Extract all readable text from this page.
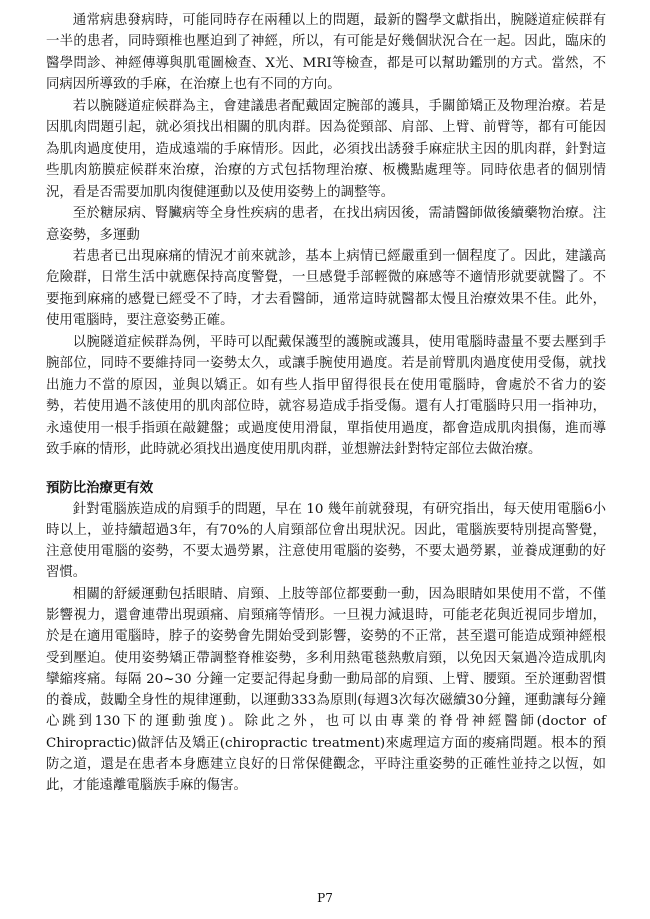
通常病患發病時，可能同時存在兩種以上的問題，最新的醫學文獻指出，腕隧道症候群有一半的患者，同時頸椎也壓迫到了神經，所以，有可能是好幾個狀況合在一起。因此，臨床的醫學問診、神經傳導與肌電圖檢查、X光、MRI等檢查，都是可以幫助鑑別的方式。當然，不同病因所導致的手麻，在治療上也有不同的方向。

若以腕隧道症候群為主，會建議患者配戴固定腕部的護具，手關節矯正及物理治療。若是因肌肉問題引起，就必須找出相關的肌肉群。因為從頸部、肩部、上臂、前臂等，都有可能因為肌肉過度使用，造成遠端的手麻情形。因此，必須找出誘發手麻症狀主因的肌肉群，針對這些肌肉筋膜症候群來治療，治療的方式包括物理治療、板機點處理等。同時依患者的個別情況，看是否需要加肌肉復健運動以及使用姿勢上的調整等。

至於糖尿病、腎臟病等全身性疾病的患者，在找出病因後，需請醫師做後續藥物治療。注意姿勢，多運動

若患者已出現麻痛的情況才前來就診，基本上病情已經嚴重到一個程度了。因此，建議高危險群，日常生活中就應保持高度警覺，一旦感覺手部輕微的麻感等不適情形就要就醫了。不要拖到麻痛的感覺已經受不了時，才去看醫師，通常這時就醫都太慢且治療效果不佳。此外，使用電腦時，要注意姿勢正確。

以腕隧道症候群為例，平時可以配戴保護型的護腕或護具，使用電腦時盡量不要去壓到手腕部位，同時不要維持同一姿勢太久，或讓手腕使用過度。若是前臂肌肉過度使用受傷，就找出施力不當的原因，並與以矯正。如有些人指甲留得很長在使用電腦時，會處於不省力的姿勢，若使用過不該使用的肌肉部位時，就容易造成手指受傷。還有人打電腦時只用一指神功，永遠使用一根手指頭在敲鍵盤；或過度使用滑鼠，單指使用過度，都會造成肌肉損傷，進而導致手麻的情形，此時就必須找出過度使用肌肉群，並想辦法針對特定部位去做治療。

預防比治療更有效

針對電腦族造成的肩頸手的問題，早在 10 幾年前就發現，有研究指出，每天使用電腦6小時以上，並持續超過3年，有70%的人肩頸部位會出現狀況。因此，電腦族要特別提高警覺，注意使用電腦的姿勢，不要太過勞累，注意使用電腦的姿勢，不要太過勞累，並養成運動的好習慣。

相關的舒緩運動包括眼睛、肩頸、上肢等部位都要動一動，因為眼睛如果使用不當，不僅影響視力，還會連帶出現頭痛、肩頸痛等情形。一旦視力減退時，可能老花與近視同步增加，於是在適用電腦時，脖子的姿勢會先開始受到影響，姿勢的不正常，甚至還可能造成頸神經根受到壓迫。使用姿勢矯正帶調整脊椎姿勢，多利用熱電毯熱敷肩頸，以免因天氣過冷造成肌肉攣縮疼痛。每隔 20~30 分鐘一定要記得起身動一動局部的肩頸、上臂、腰頸。至於運動習慣的養成，鼓勵全身性的規律運動，以運動333為原則(每週3次每次磁續30分鐘，運動讓每分鐘心跳到130下的運動強度)。除此之外，也可以由專業的脊骨神經醫師(doctor of Chiropractic)做評估及矯正(chiropractic treatment)來處理這方面的痠痛問題。根本的預防之道，還是在患者本身應建立良好的日常保健觀念，平時注重姿勢的正確性並持之以恆，如此，才能遠離電腦族手麻的傷害。

P7
